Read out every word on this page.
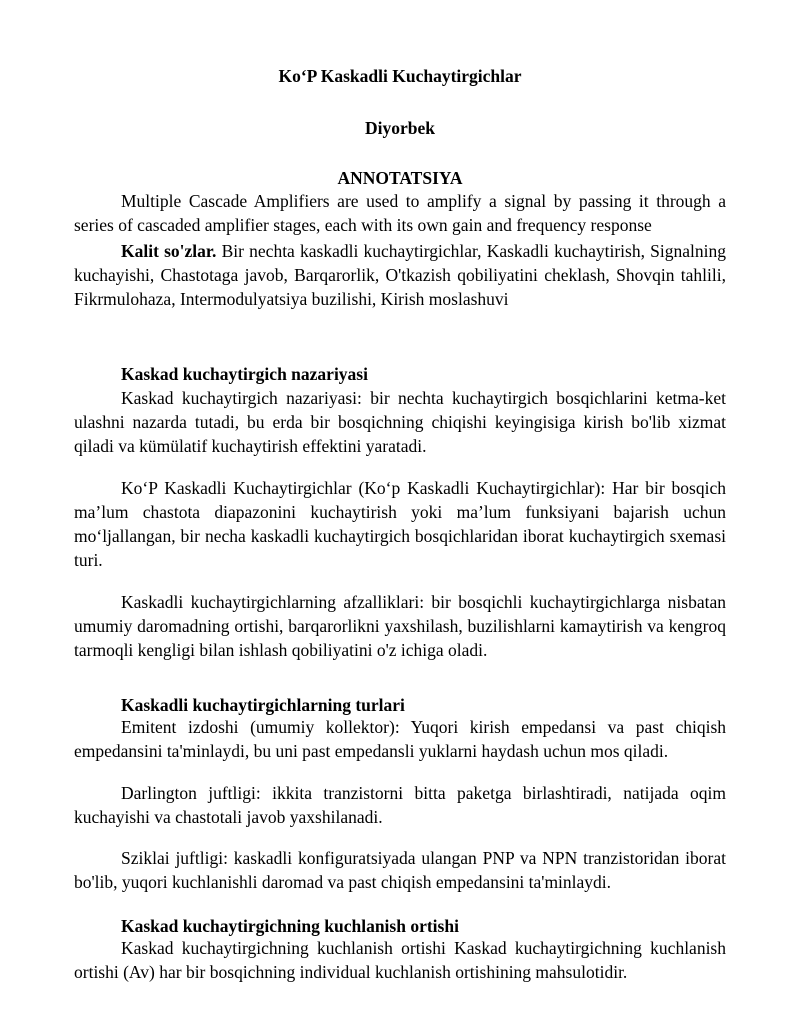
Ko‘P Kaskadli Kuchaytirgichlar
Diyorbek
ANNOTATSIYA
Multiple Cascade Amplifiers are used to amplify a signal by passing it through a series of cascaded amplifier stages, each with its own gain and frequency response
Kalit so'zlar. Bir nechta kaskadli kuchaytirgichlar, Kaskadli kuchaytirish, Signalning kuchayishi, Chastotaga javob, Barqarorlik, O'tkazish qobiliyatini cheklash, Shovqin tahlili, Fikrmulohaza, Intermodulyatsiya buzilishi, Kirish moslashuvi
Kaskad kuchaytirgich nazariyasi
Kaskad kuchaytirgich nazariyasi: bir nechta kuchaytirgich bosqichlarini ketma-ket ulashni nazarda tutadi, bu erda bir bosqichning chiqishi keyingisiga kirish bo'lib xizmat qiladi va kümülatif kuchaytirish effektini yaratadi.
Ko‘P Kaskadli Kuchaytirgichlar (Ko‘p Kaskadli Kuchaytirgichlar): Har bir bosqich ma’lum chastota diapazonini kuchaytirish yoki ma’lum funksiyani bajarish uchun mo‘ljallangan, bir necha kaskadli kuchaytirgich bosqichlaridan iborat kuchaytirgich sxemasi turi.
Kaskadli kuchaytirgichlarning afzalliklari: bir bosqichli kuchaytirgichlarga nisbatan umumiy daromadning ortishi, barqarorlikni yaxshilash, buzilishlarni kamaytirish va kengroq tarmoqli kengligi bilan ishlash qobiliyatini o'z ichiga oladi.
Kaskadli kuchaytirgichlarning turlari
Emitent izdoshi (umumiy kollektor): Yuqori kirish empedansi va past chiqish empedansini ta'minlaydi, bu uni past empedansli yuklarni haydash uchun mos qiladi.
Darlington juftligi: ikkita tranzistorni bitta paketga birlashtiradi, natijada oqim kuchayishi va chastotali javob yaxshilanadi.
Sziklai juftligi: kaskadli konfiguratsiyada ulangan PNP va NPN tranzistoridan iborat bo'lib, yuqori kuchlanishli daromad va past chiqish empedansini ta'minlaydi.
Kaskad kuchaytirgichning kuchlanish ortishi
Kaskad kuchaytirgichning kuchlanish ortishi Kaskad kuchaytirgichning kuchlanish ortishi (Av) har bir bosqichning individual kuchlanish ortishining mahsulotidir.
